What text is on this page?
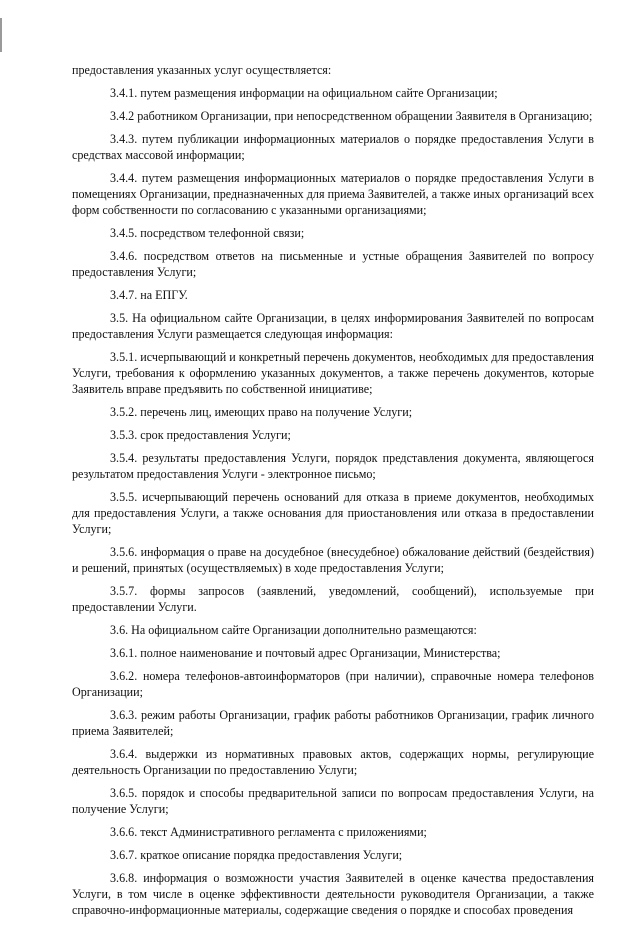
предоставления указанных услуг осуществляется:

3.4.1. путем размещения информации на официальном сайте Организации;

3.4.2 работником Организации, при непосредственном обращении Заявителя в Организацию;

3.4.3. путем публикации информационных материалов о порядке предоставления Услуги в средствах массовой информации;

3.4.4. путем размещения информационных материалов о порядке предоставления Услуги в помещениях Организации, предназначенных для приема Заявителей, а также иных организаций всех форм собственности по согласованию с указанными организациями;

3.4.5. посредством телефонной связи;

3.4.6. посредством ответов на письменные и устные обращения Заявителей по вопросу предоставления Услуги;

3.4.7. на ЕПГУ.

3.5. На официальном сайте Организации, в целях информирования Заявителей по вопросам предоставления Услуги размещается следующая информация:

3.5.1. исчерпывающий и конкретный перечень документов, необходимых для предоставления Услуги, требования к оформлению указанных документов, а также перечень документов, которые Заявитель вправе предъявить по собственной инициативе;

3.5.2. перечень лиц, имеющих право на получение Услуги;

3.5.3. срок предоставления Услуги;

3.5.4. результаты предоставления Услуги, порядок представления документа, являющегося результатом предоставления Услуги - электронное письмо;

3.5.5. исчерпывающий перечень оснований для отказа в приеме документов, необходимых для предоставления Услуги, а также основания для приостановления или отказа в предоставлении Услуги;

3.5.6. информация о праве на досудебное (внесудебное) обжалование действий (бездействия) и решений, принятых (осуществляемых) в ходе предоставления Услуги;

3.5.7. формы запросов (заявлений, уведомлений, сообщений), используемые при предоставлении Услуги.

3.6. На официальном сайте Организации дополнительно размещаются:

3.6.1. полное наименование и почтовый адрес Организации, Министерства;

3.6.2. номера телефонов-автоинформаторов (при наличии), справочные номера телефонов Организации;

3.6.3. режим работы Организации, график работы работников Организации, график личного приема Заявителей;

3.6.4. выдержки из нормативных правовых актов, содержащих нормы, регулирующие деятельность Организации по предоставлению Услуги;

3.6.5. порядок и способы предварительной записи по вопросам предоставления Услуги, на получение Услуги;

3.6.6. текст Административного регламента с приложениями;

3.6.7. краткое описание порядка предоставления Услуги;

3.6.8. информация о возможности участия Заявителей в оценке качества предоставления Услуги, в том числе в оценке эффективности деятельности руководителя Организации, а также справочно-информационные материалы, содержащие сведения о порядке и способах проведения
